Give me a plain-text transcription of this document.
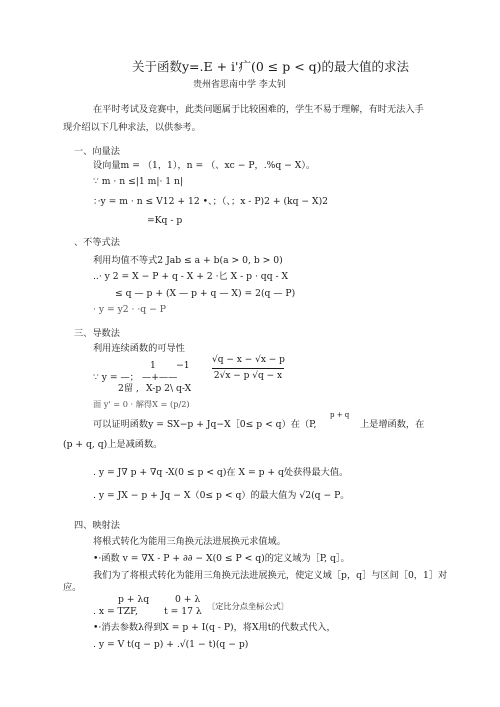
关于函数y=.E + i'疒(0 ≤ p < q)的最大值的求法
贵州省思南中学 李太钊
在平时考试及竞赛中，此类问题属于比较困难的，学生不易于理解，有时无法入手
现介绍以下几种求法，以供参考。
一、向量法
设向量m = （1，1），n = （、xc − P，.%q − X）。
∵ m · n ≤|1 m|· 1 n|
：·y = m · n ≤ V12 + 12 •、；（、；x - P)2 + (kq − X)2
=Kq - p
、不等式法
利用均值不等式2 Jab ≤ a + b(a > 0, b > 0)
..· y 2 = X − P + q - X + 2 ·匕 X - p · qq - X
≤ q — p + (X — p + q — X) = 2(q — P)
· y = y2 · ·q − P
三、导数法
利用连续函数的可导性
∵ y = —；
1
—+——
−1
2留 , X-p 2\ q-X
√q − x − √x − p
2√x − p √q − x
面 y' = 0 · 解得X = (p/2)
可以证明函数y = SX−p + Jq−X［0≤ p < q）在（P,
p + q
上是增函数，在
(p + q, q)上是减函数。
. y = J∇ p + ∇q -X(0 ≤ p < q)在 X = p + q处获得最大值。
. y = JX − p + Jq − X（0≤ p < q）的最大值为 √2(q − P。
四、映射法
将根式转化为能用三角换元法进展换元求值域。
•·函数 v = ∇X - P + ∂∂ − X(0 ≤ P < q)的定义域为［P, q］。
我们为了将根式转化为能用三角换元法进展换元，使定义域［p，q］与区间［0，1］对
应。
p + λq	0 + λ
〔定比分点坐标公式〕
. x = TZF,	t = 17 λ
•·消去参数λ得到X = p + I(q - P)，将X用t的代数式代入，
. y = V t(q − p) + .√(1 − t)(q − p)
